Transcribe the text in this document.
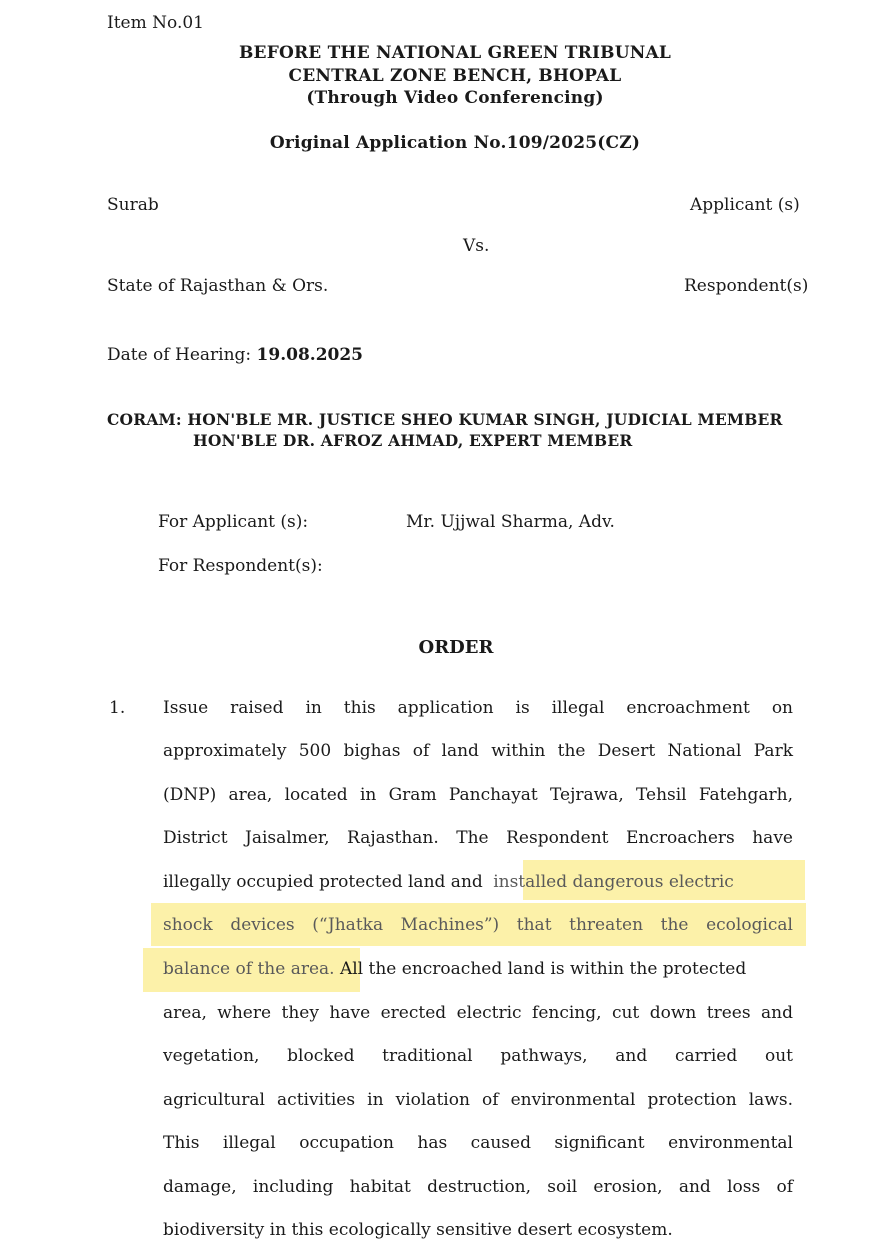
Item No.01
BEFORE THE NATIONAL GREEN TRIBUNAL
CENTRAL ZONE BENCH, BHOPAL
(Through Video Conferencing)
Original Application No.109/2025(CZ)
Surab	Applicant (s)
Vs.
State of Rajasthan & Ors.	Respondent(s)
Date of Hearing: 19.08.2025
CORAM: HON'BLE MR. JUSTICE SHEO KUMAR SINGH, JUDICIAL MEMBER
HON'BLE DR. AFROZ AHMAD, EXPERT MEMBER
For Applicant (s):	Mr. Ujjwal Sharma, Adv.
For Respondent(s):
ORDER
1. Issue raised in this application is illegal encroachment on
approximately 500 bighas of land within the Desert National Park
(DNP) area, located in Gram Panchayat Tejrawa, Tehsil Fatehgarh,
District Jaisalmer, Rajasthan. The Respondent Encroachers have
illegally occupied protected land and installed dangerous electric
shock devices (“Jhatka Machines”) that threaten the ecological
balance of the area. All the encroached land is within the protected
area, where they have erected electric fencing, cut down trees and
vegetation, blocked traditional pathways, and carried out
agricultural activities in violation of environmental protection laws.
This illegal occupation has caused significant environmental
damage, including habitat destruction, soil erosion, and loss of
biodiversity in this ecologically sensitive desert ecosystem.
